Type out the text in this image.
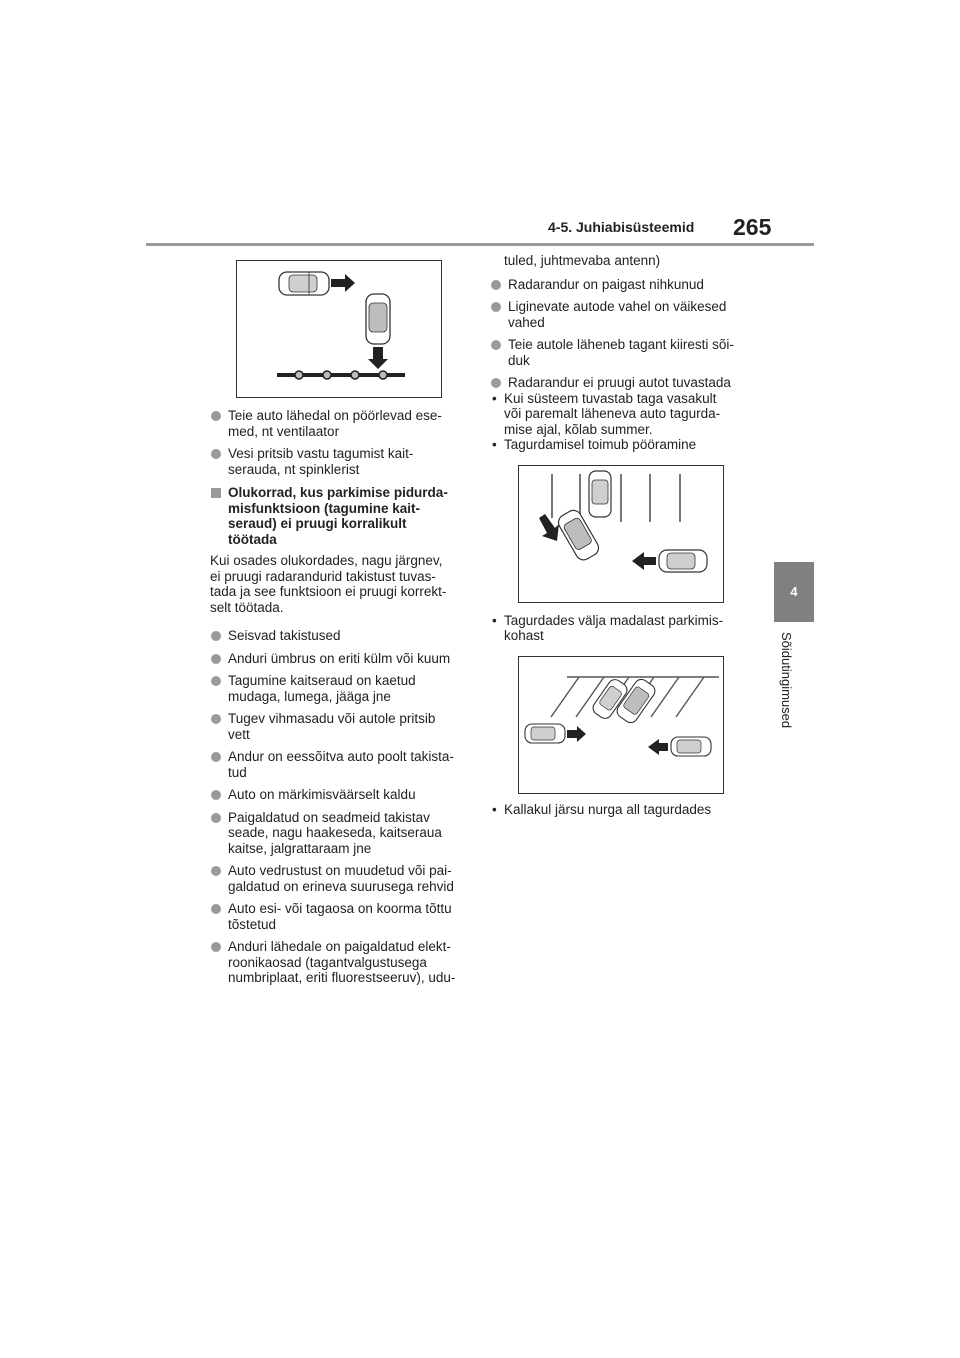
4-5. Juhiabisüsteemid 265
4
Sõidutingimused
Teie auto lähedal on pöörlevad ese-
med, nt ventilaator
Vesi pritsib vastu tagumist kait-
serauda, nt spinklerist
Olukorrad, kus parkimise pidurda-
misfunktsioon (tagumine kait-
seraud) ei pruugi korralikult
töötada
Kui osades olukordades, nagu järgnev,
ei pruugi radarandurid takistust tuvas-
tada ja see funktsioon ei pruugi korrekt-
selt töötada.
Seisvad takistused
Anduri ümbrus on eriti külm või kuum
Tagumine kaitseraud on kaetud
mudaga, lumega, jääga jne
Tugev vihmasadu või autole pritsib
vett
Andur on eessõitva auto poolt takista-
tud
Auto on märkimisväärselt kaldu
Paigaldatud on seadmeid takistav
seade, nagu haakeseda, kaitseraua
kaitse, jalgrattaraam jne
Auto vedrustust on muudetud või pai-
galdatud on erineva suurusega rehvid
Auto esi- või tagaosa on koorma tõttu
tõstetud
Anduri lähedale on paigaldatud elekt-
roonikaosad (tagantvalgustusega
numbriplaat, eriti fluorestseeruv), udu-
tuled, juhtmevaba antenn)
Radarandur on paigast nihkunud
Liginevate autode vahel on väikesed
vahed
Teie autole läheneb tagant kiiresti sõi-
duk
Radarandur ei pruugi autot tuvastada
• Kui süsteem tuvastab taga vasakult
või paremalt läheneva auto tagurda-
mise ajal, kõlab summer.
• Tagurdamisel toimub pööramine
• Tagurdades välja madalast parkimis-
kohast
• Kallakul järsu nurga all tagurdades
